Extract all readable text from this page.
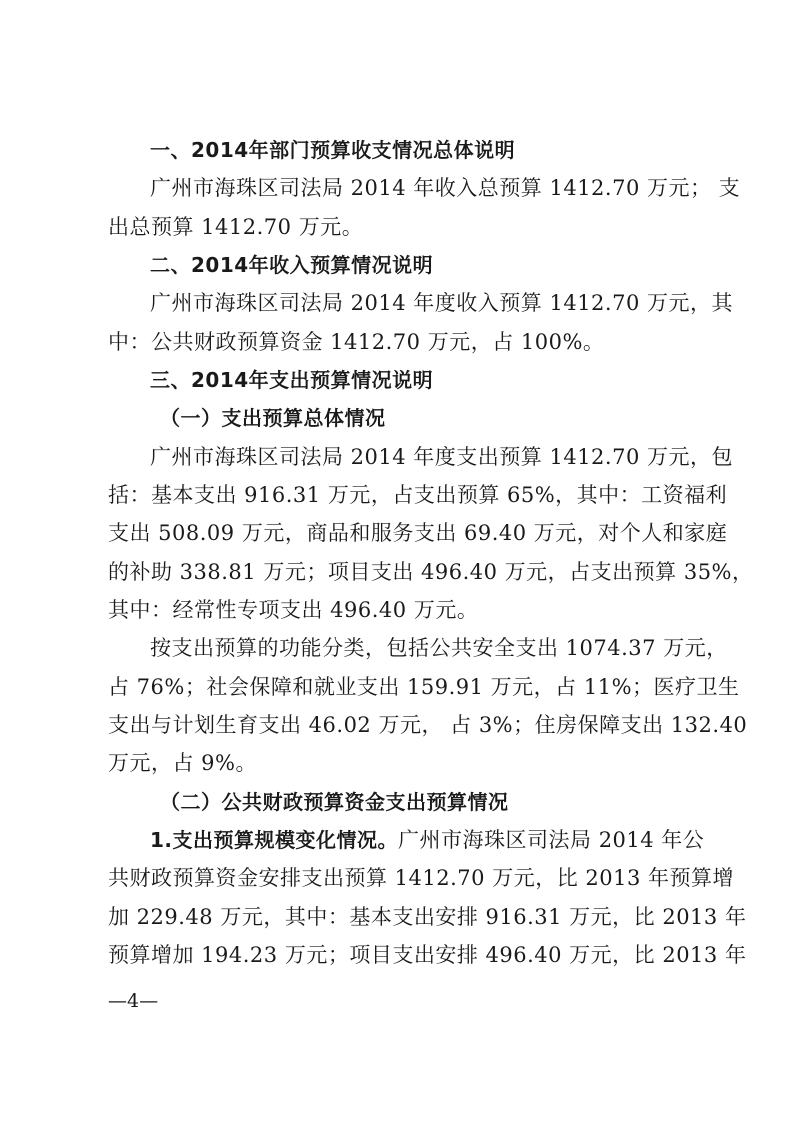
一、2014年部门预算收支情况总体说明
广州市海珠区司法局 2014 年收入总预算 1412.70 万元； 支
出总预算 1412.70 万元。
二、2014年收入预算情况说明
广州市海珠区司法局 2014 年度收入预算 1412.70 万元，其
中：公共财政预算资金 1412.70 万元，占 100%。
三、2014年支出预算情况说明
（一）支出预算总体情况
广州市海珠区司法局 2014 年度支出预算 1412.70 万元，包
括：基本支出 916.31 万元，占支出预算 65%，其中：工资福利
支出 508.09 万元，商品和服务支出 69.40 万元，对个人和家庭
的补助 338.81 万元；项目支出 496.40 万元，占支出预算 35%，
其中：经常性专项支出 496.40 万元。
按支出预算的功能分类，包括公共安全支出 1074.37 万元，
占 76%；社会保障和就业支出 159.91 万元，占 11%；医疗卫生
支出与计划生育支出 46.02 万元， 占 3%；住房保障支出 132.40
万元，占 9%。
（二）公共财政预算资金支出预算情况
1.支出预算规模变化情况。广州市海珠区司法局 2014 年公
共财政预算资金安排支出预算 1412.70 万元，比 2013 年预算增
加 229.48 万元，其中：基本支出安排 916.31 万元，比 2013 年
预算增加 194.23 万元；项目支出安排 496.40 万元，比 2013 年
—4—
